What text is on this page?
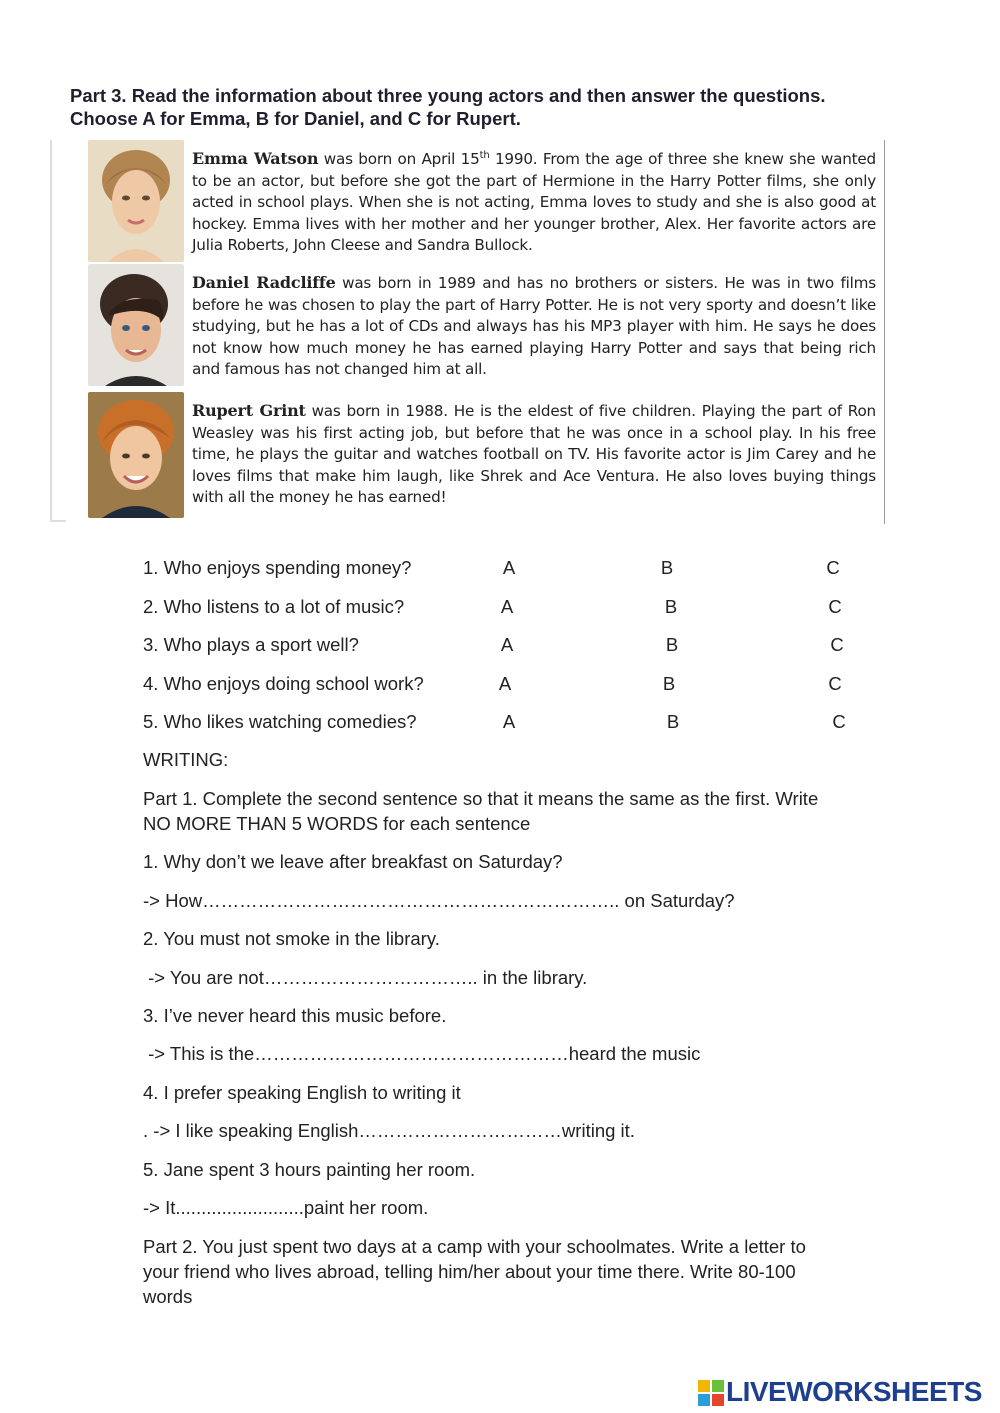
Part 3. Read the information about three young actors and then answer the questions.
Choose A for Emma, B for Daniel, and C for Rupert.
Emma Watson was born on April 15th 1990. From the age of three she knew she wanted to be an actor, but before she got the part of Hermione in the Harry Potter films, she only acted in school plays. When she is not acting, Emma loves to study and she is also good at hockey. Emma lives with her mother and her younger brother, Alex. Her favorite actors are Julia Roberts, John Cleese and Sandra Bullock.
Daniel Radcliffe was born in 1989 and has no brothers or sisters. He was in two films before he was chosen to play the part of Harry Potter. He is not very sporty and doesn’t like studying, but he has a lot of CDs and always has his MP3 player with him. He says he does not know how much money he has earned playing Harry Potter and says that being rich and famous has not changed him at all.
Rupert Grint was born in 1988. He is the eldest of five children. Playing the part of Ron Weasley was his first acting job, but before that he was once in a school play. In his free time, he plays the guitar and watches football on TV. His favorite actor is Jim Carey and he loves films that make him laugh, like Shrek and Ace Ventura. He also loves buying things with all the money he has earned!
1. Who enjoys spending money?	A	B	C
2. Who listens to a lot of music?	A	B	C
3. Who plays a sport well?	A	B	C
4. Who enjoys doing school work?	A	B	C
5. Who likes watching comedies?	A	B	C
WRITING:
Part 1. Complete the second sentence so that it means the same as the first. Write
NO MORE THAN 5 WORDS for each sentence
1. Why don’t we leave after breakfast on Saturday?
-> How………………………………………………………….. on Saturday?
2. You must not smoke in the library.
-> You are not…………………………….. in the library.
3. I’ve never heard this music before.
-> This is the……………………………………………heard the music
4. I prefer speaking English to writing it
. -> I like speaking English……………………………writing it.
5. Jane spent 3 hours painting her room.
-> It.........................paint her room.
Part 2. You just spent two days at a camp with your schoolmates. Write a letter to
your friend who lives abroad, telling him/her about your time there. Write 80-100
words
LIVEWORKSHEETS
